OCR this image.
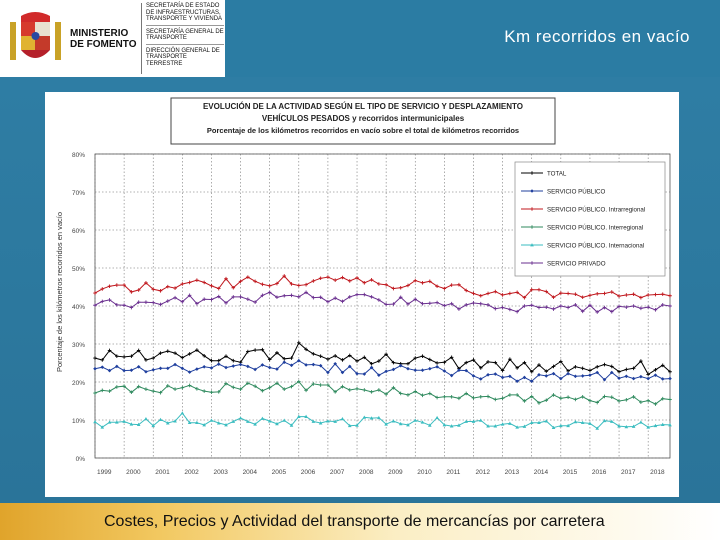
MINISTERIO DE FOMENTO
SECRETARÍA DE ESTADO DE INFRAESTRUCTURAS, TRANSPORTE Y VIVIENDA
SECRETARÍA GENERAL DE TRANSPORTE
DIRECCIÓN GENERAL DE TRANSPORTE TERRESTRE
Km recorridos en vacío
EVOLUCIÓN DE LA ACTIVIDAD SEGÚN EL TIPO DE SERVICIO Y DESPLAZAMIENTO
VEHÍCULOS PESADOS y recorridos intermunicipales
Porcentaje de los kilómetros recorridos en vacío sobre el total de kilómetros recorridos
Porcentaje de los kilómetros recorridos en vacío
0%
10%
20%
30%
40%
50%
60%
70%
80%
1999 2000 2001 2002 2003 2004 2005 2006 2007 2008 2009 2010 2011 2012 2013 2014 2015 2016 2017 2018
TOTAL
SERVICIO PÚBLICO
SERVICIO PÚBLICO. Intrarregional
SERVICIO PÚBLICO. Interregional
SERVICIO PÚBLICO. Internacional
SERVICIO PRIVADO
Costes, Precios y Actividad del transporte de mercancías por carretera
